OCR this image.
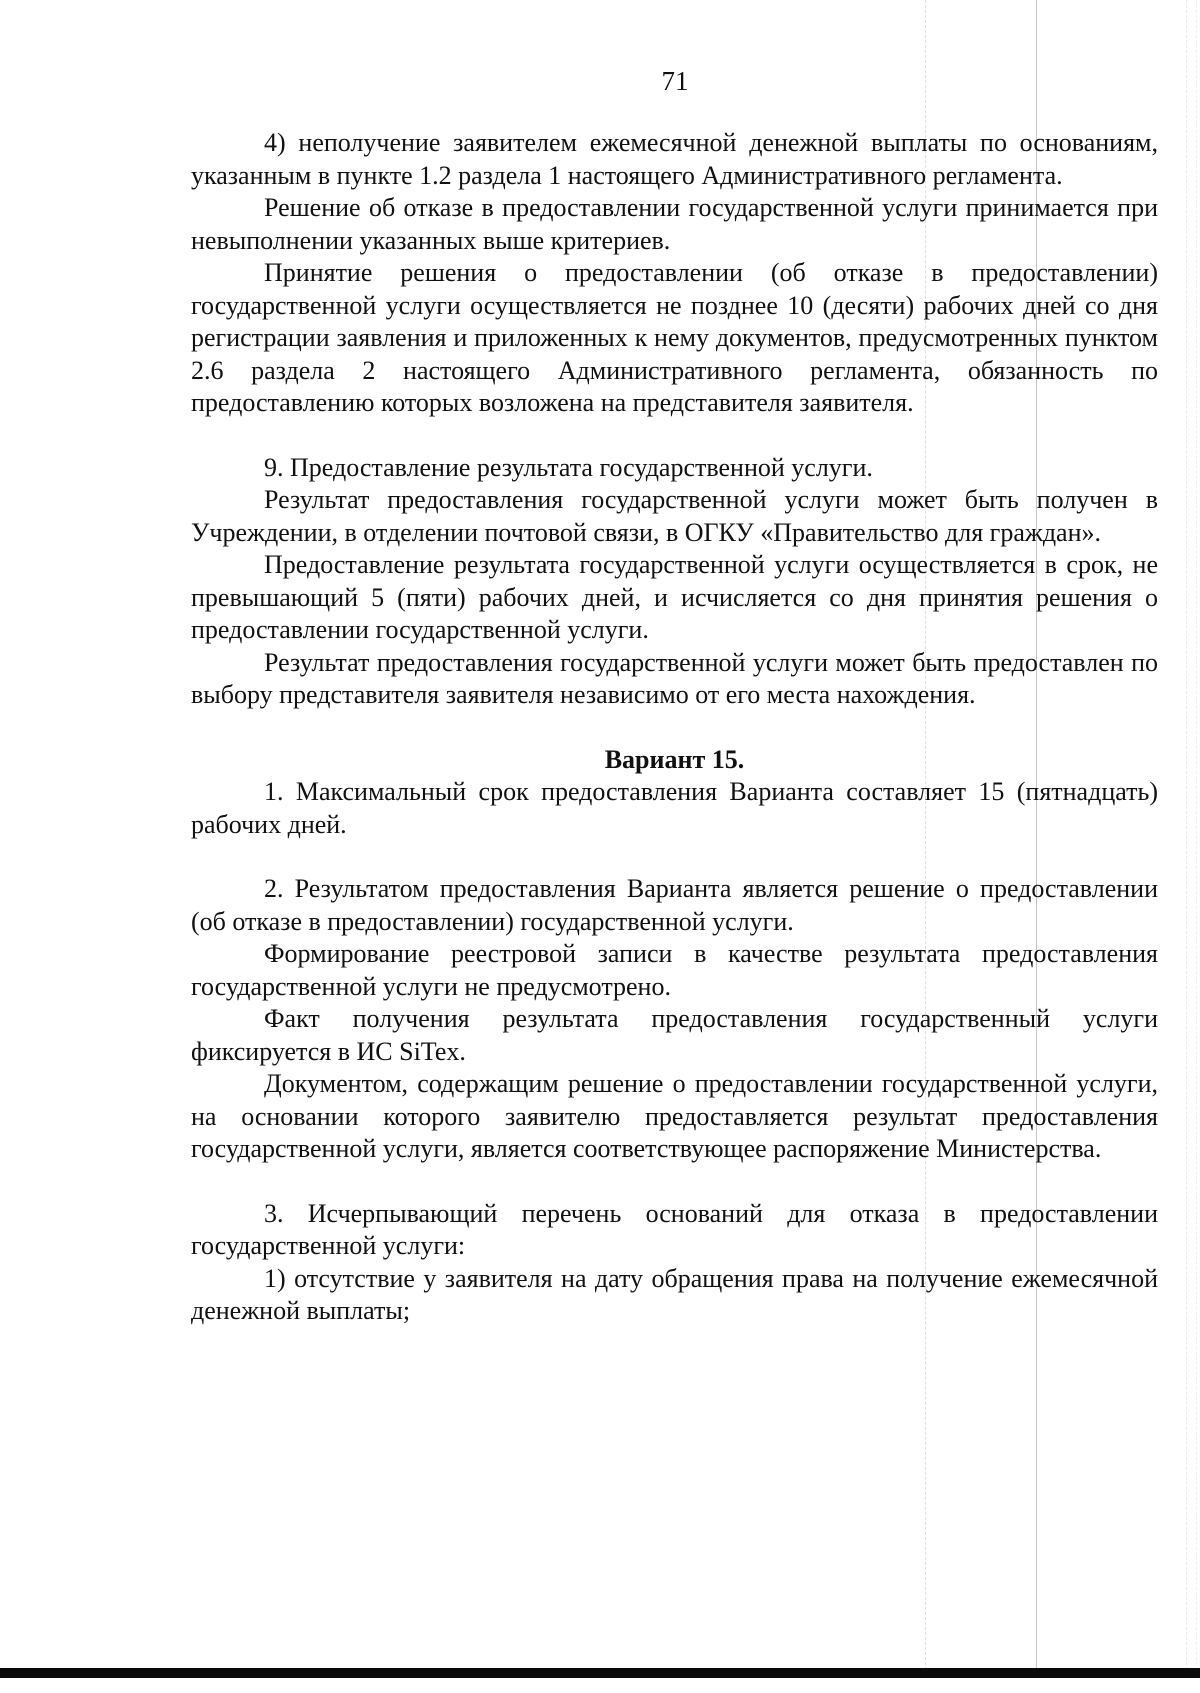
71

4) неполучение заявителем ежемесячной денежной выплаты по основаниям, указанным в пункте 1.2 раздела 1 настоящего Административного регламента.

Решение об отказе в предоставлении государственной услуги принимается при невыполнении указанных выше критериев.

Принятие решения о предоставлении (об отказе в предоставлении) государственной услуги осуществляется не позднее 10 (десяти) рабочих дней со дня регистрации заявления и приложенных к нему документов, предусмотренных пунктом 2.6 раздела 2 настоящего Административного регламента, обязанность по предоставлению которых возложена на представителя заявителя.

9. Предоставление результата государственной услуги.

Результат предоставления государственной услуги может быть получен в Учреждении, в отделении почтовой связи, в ОГКУ «Правительство для граждан».

Предоставление результата государственной услуги осуществляется в срок, не превышающий 5 (пяти) рабочих дней, и исчисляется со дня принятия решения о предоставлении государственной услуги.

Результат предоставления государственной услуги может быть предоставлен по выбору представителя заявителя независимо от его места нахождения.

Вариант 15.

1. Максимальный срок предоставления Варианта составляет 15 (пятнадцать) рабочих дней.

2. Результатом предоставления Варианта является решение о предоставлении (об отказе в предоставлении) государственной услуги.

Формирование реестровой записи в качестве результата предоставления государственной услуги не предусмотрено.

Факт получения результата предоставления государственный услуги фиксируется в ИС SiTex.

Документом, содержащим решение о предоставлении государственной услуги, на основании которого заявителю предоставляется результат предоставления государственной услуги, является соответствующее распоряжение Министерства.

3. Исчерпывающий перечень оснований для отказа в предоставлении государственной услуги:

1) отсутствие у заявителя на дату обращения права на получение ежемесячной денежной выплаты;
